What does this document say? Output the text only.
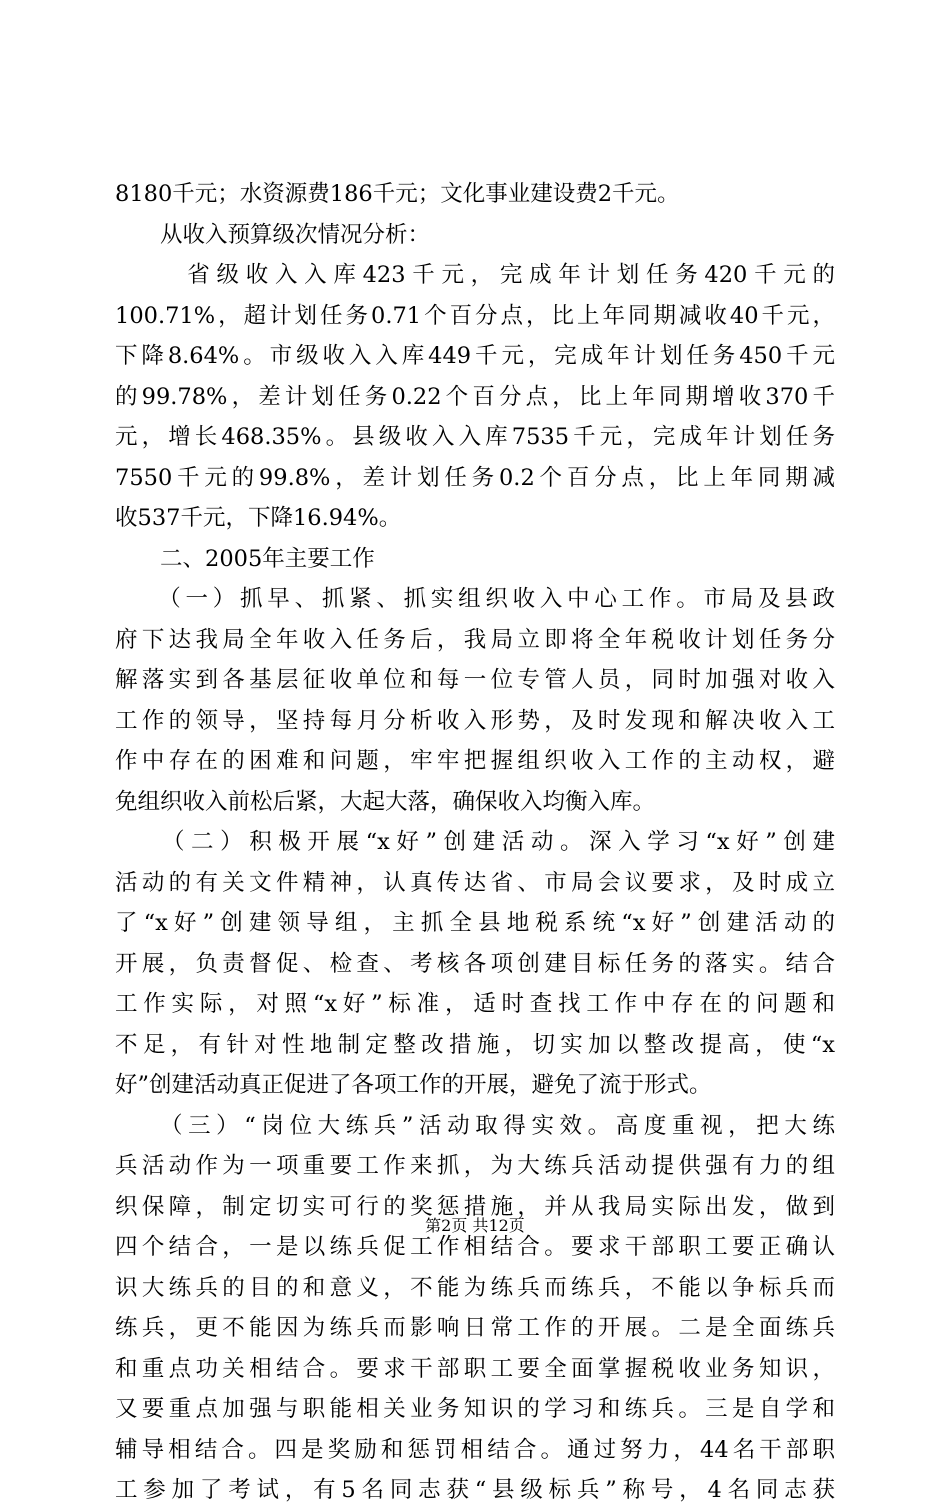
8180千元；水资源费186千元；文化事业建设费2千元。
　　从收入预算级次情况分析：
　　 省级收入入库423千元，完成年计划任务420千元的
100.71%，超计划任务0.71个百分点，比上年同期减收40千元，
下降8.64%。市级收入入库449千元，完成年计划任务450千元
的99.78%，差计划任务0.22个百分点，比上年同期增收370千
元，增长468.35%。县级收入入库7535千元，完成年计划任务
7550千元的99.8%，差计划任务0.2个百分点，比上年同期减
收537千元，下降16.94%。
　　二、2005年主要工作
　　（一）抓早、抓紧、抓实组织收入中心工作。市局及县政
府下达我局全年收入任务后，我局立即将全年税收计划任务分
解落实到各基层征收单位和每一位专管人员，同时加强对收入
工作的领导，坚持每月分析收入形势，及时发现和解决收入工
作中存在的困难和问题，牢牢把握组织收入工作的主动权，避
免组织收入前松后紧，大起大落，确保收入均衡入库。
　　（二）积极开展“x好”创建活动。深入学习“x好”创建
活动的有关文件精神，认真传达省、市局会议要求，及时成立
了“x好”创建领导组，主抓全县地税系统“x好”创建活动的
开展，负责督促、检查、考核各项创建目标任务的落实。结合
工作实际，对照“x好”标准，适时查找工作中存在的问题和
不足，有针对性地制定整改措施，切实加以整改提高，使“x
好”创建活动真正促进了各项工作的开展，避免了流于形式。
　　（三）“岗位大练兵”活动取得实效。高度重视，把大练
兵活动作为一项重要工作来抓，为大练兵活动提供强有力的组
织保障，制定切实可行的奖惩措施，并从我局实际出发，做到
四个结合，一是以练兵促工作相结合。要求干部职工要正确认
识大练兵的目的和意义，不能为练兵而练兵，不能以争标兵而
练兵，更不能因为练兵而影响日常工作的开展。二是全面练兵
和重点功关相结合。要求干部职工要全面掌握税收业务知识，
又要重点加强与职能相关业务知识的学习和练兵。三是自学和
辅导相结合。四是奖励和惩罚相结合。通过努力，44名干部职
工参加了考试，有5名同志获“县级标兵”称号，4名同志获
第2页 共12页
